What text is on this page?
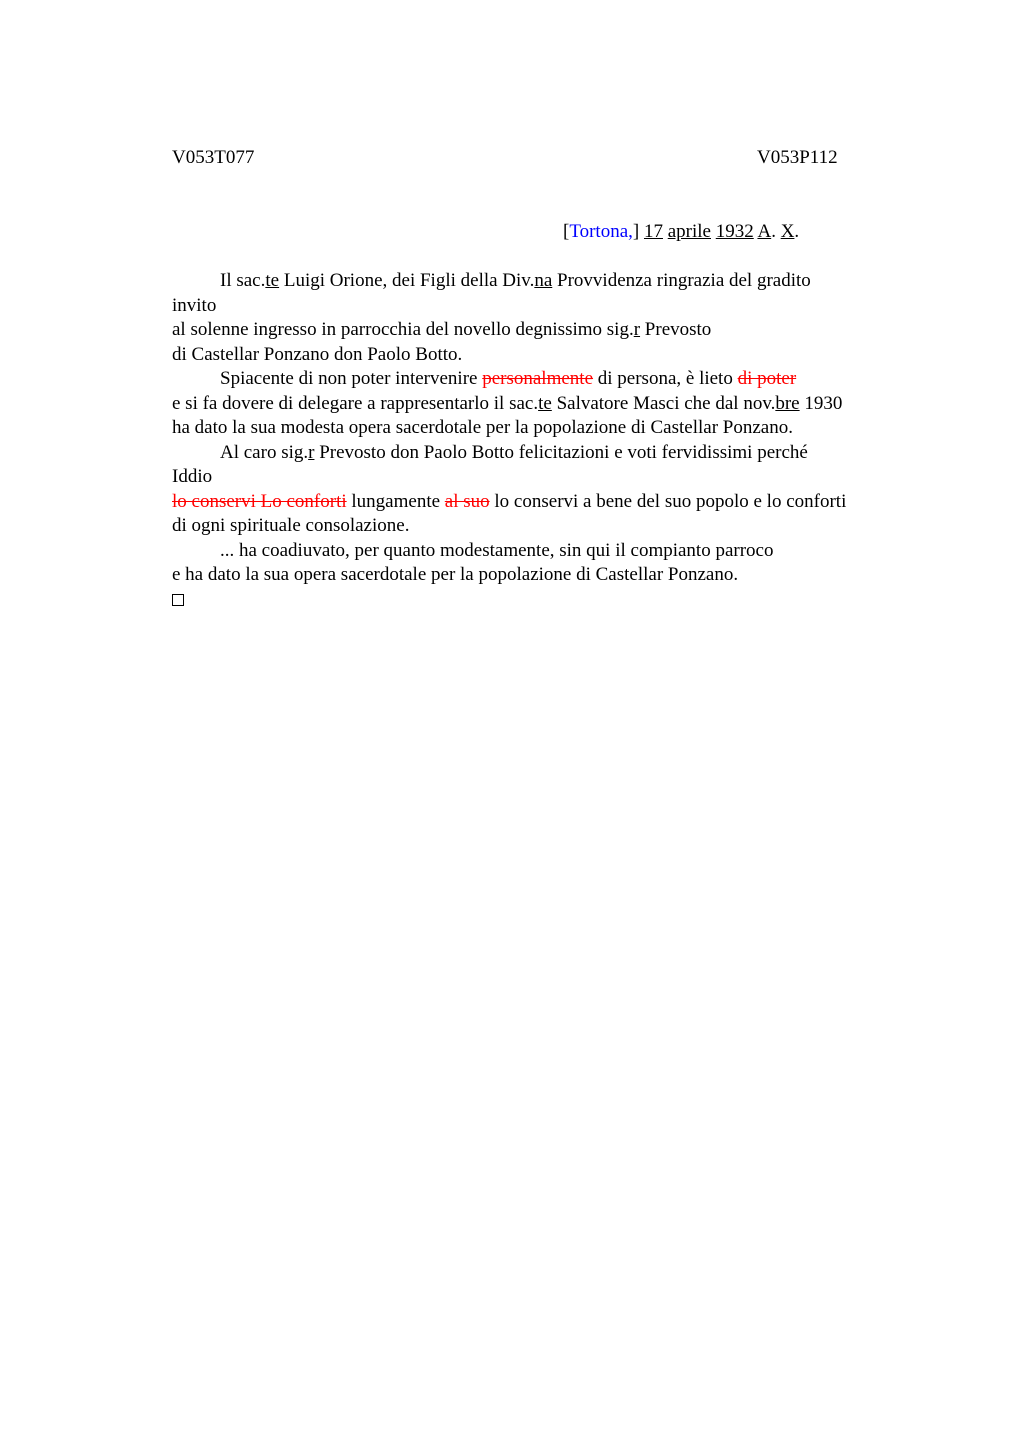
V053T077	V053P112
[Tortona,] 17 aprile 1932 A. X.
Il sac.te Luigi Orione, dei Figli della Div.na Provvidenza ringrazia del gradito
invito
al solenne ingresso in parrocchia del novello degnissimo sig.r Prevosto
di Castellar Ponzano don Paolo Botto.
Spiacente di non poter intervenire personalmente di persona, è lieto di poter
e si fa dovere di delegare a rappresentarlo il sac.te Salvatore Masci che dal nov.bre 1930
ha dato la sua modesta opera sacerdotale per la popolazione di Castellar Ponzano.
Al caro sig.r Prevosto don Paolo Botto felicitazioni e voti fervidissimi perché
Iddio
lo conservi Lo conforti lungamente al suo lo conservi a bene del suo popolo e lo conforti
di ogni spirituale consolazione.
... ha coadiuvato, per quanto modestamente, sin qui il compianto parroco
e ha dato la sua opera sacerdotale per la popolazione di Castellar Ponzano.
